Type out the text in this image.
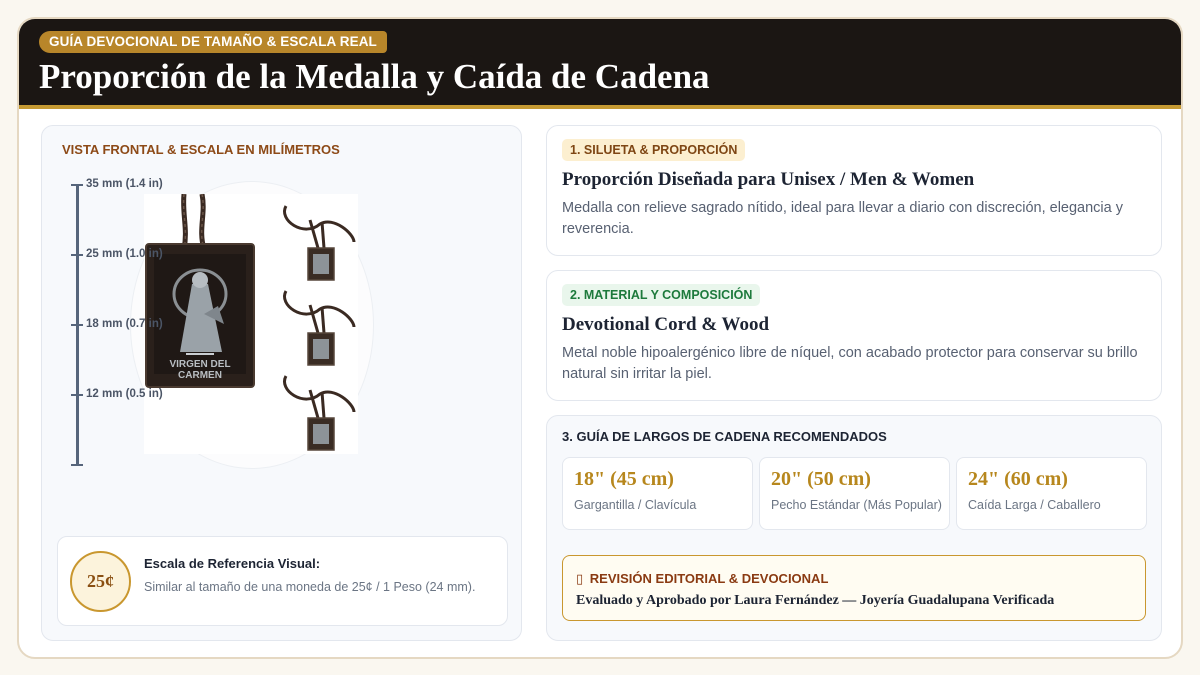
GUÍA DEVOCIONAL DE TAMAÑO & ESCALA REAL
Proporción de la Medalla y Caída de Cadena
VISTA FRONTAL & ESCALA EN MILÍMETROS
VIRGEN DEL
CARMEN
35 mm (1.4 in)
25 mm (1.0 in)
18 mm (0.7 in)
12 mm (0.5 in)
25¢
Escala de Referencia Visual:
Similar al tamaño de una moneda de 25¢ / 1 Peso (24 mm).
1. SILUETA & PROPORCIÓN
Proporción Diseñada para Unisex / Men & Women
Medalla con relieve sagrado nítido, ideal para llevar a diario con discreción, elegancia y reverencia.
2. MATERIAL Y COMPOSICIÓN
Devotional Cord & Wood
Metal noble hipoalergénico libre de níquel, con acabado protector para conservar su brillo natural sin irritar la piel.
3. GUÍA DE LARGOS DE CADENA RECOMENDADOS
18" (45 cm)
Gargantilla / Clavícula
20" (50 cm)
Pecho Estándar (Más Popular)
24" (60 cm)
Caída Larga / Caballero
▯ REVISIÓN EDITORIAL & DEVOCIONAL
Evaluado y Aprobado por Laura Fernández — Joyería Guadalupana Verificada
